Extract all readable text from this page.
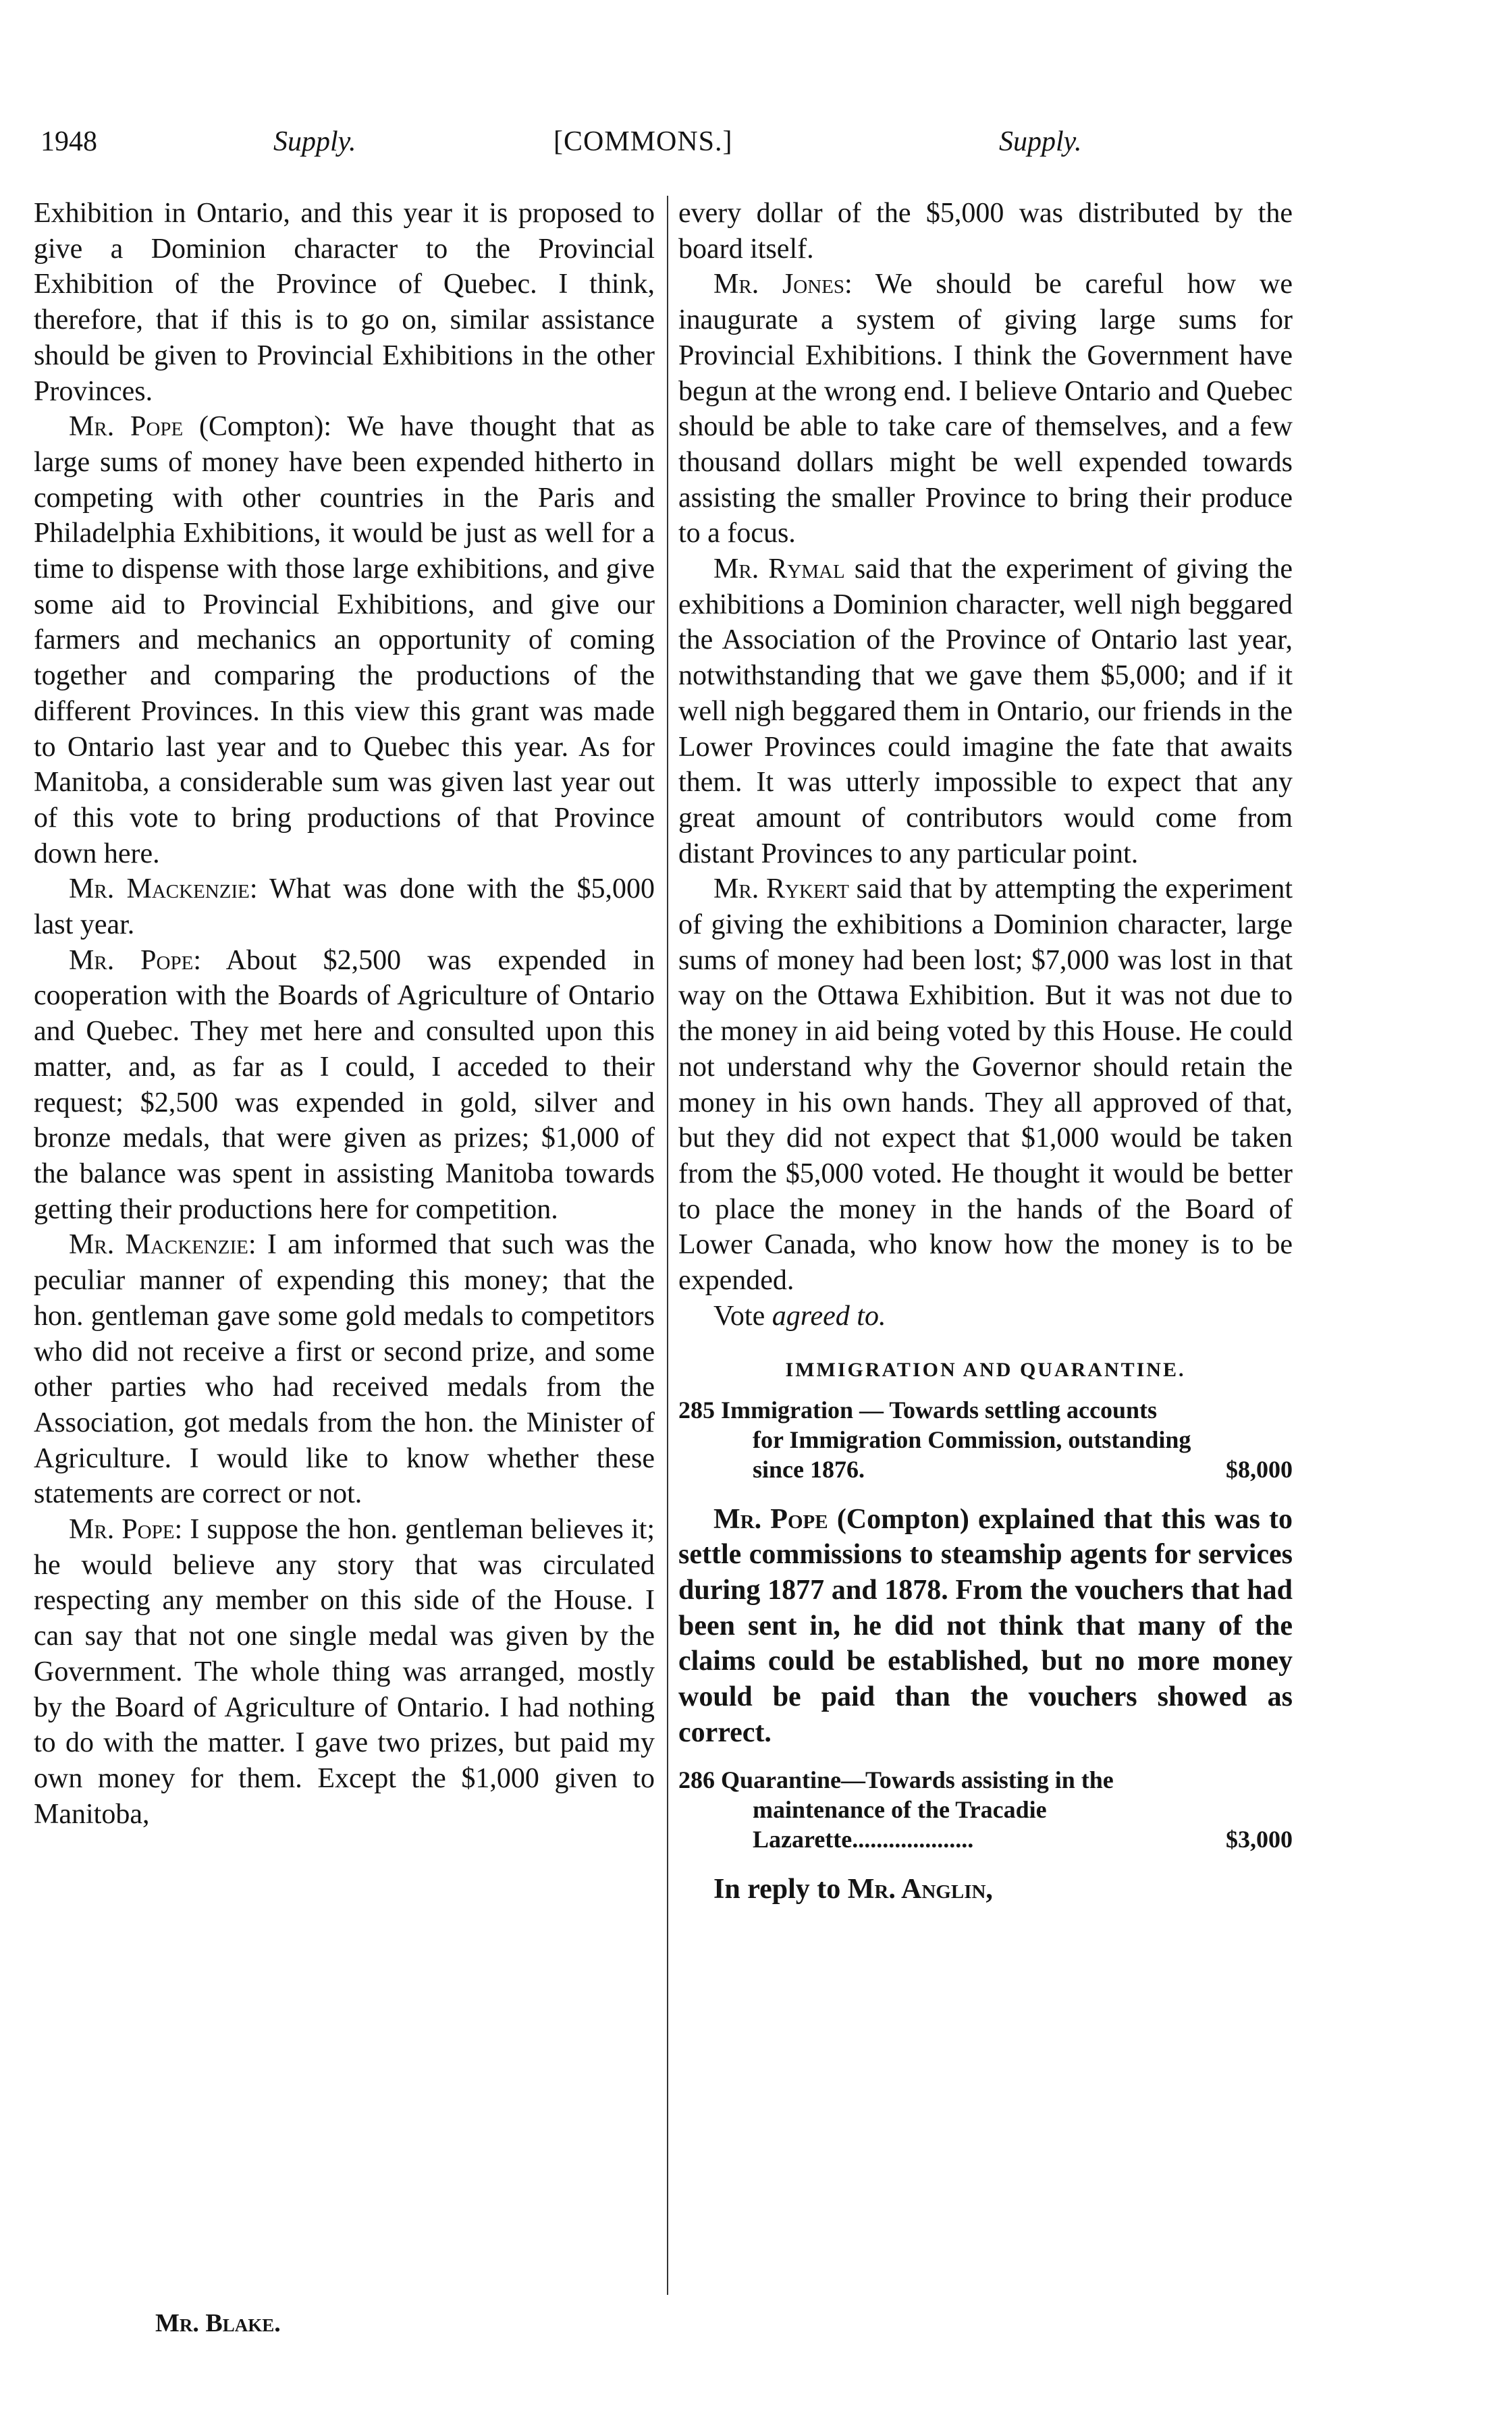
1948	Supply.	[COMMONS.]	Supply.

Exhibition in Ontario, and this year it is proposed to give a Dominion character to the Provincial Exhibition of the Province of Quebec. I think, therefore, that if this is to go on, similar assistance should be given to Provincial Exhibitions in the other Provinces.

Mr. Pope (Compton): We have thought that as large sums of money have been expended hitherto in competing with other countries in the Paris and Philadelphia Exhibitions, it would be just as well for a time to dispense with those large exhibitions, and give some aid to Provincial Exhibitions, and give our farmers and mechanics an opportunity of coming together and comparing the productions of the different Provinces. In this view this grant was made to Ontario last year and to Quebec this year. As for Manitoba, a considerable sum was given last year out of this vote to bring productions of that Province down here.

Mr. Mackenzie: What was done with the $5,000 last year.

Mr. Pope: About $2,500 was expended in cooperation with the Boards of Agriculture of Ontario and Quebec. They met here and consulted upon this matter, and, as far as I could, I acceded to their request; $2,500 was expended in gold, silver and bronze medals, that were given as prizes; $1,000 of the balance was spent in assisting Manitoba towards getting their productions here for competition.

Mr. Mackenzie: I am informed that such was the peculiar manner of expending this money; that the hon. gentleman gave some gold medals to competitors who did not receive a first or second prize, and some other parties who had received medals from the Association, got medals from the hon. the Minister of Agriculture. I would like to know whether these statements are correct or not.

Mr. Pope: I suppose the hon. gentleman believes it; he would believe any story that was circulated respecting any member on this side of the House. I can say that not one single medal was given by the Government. The whole thing was arranged, mostly by the Board of Agriculture of Ontario. I had nothing to do with the matter. I gave two prizes, but paid my own money for them. Except the $1,000 given to Manitoba,

every dollar of the $5,000 was distributed by the board itself.

Mr. Jones: We should be careful how we inaugurate a system of giving large sums for Provincial Exhibitions. I think the Government have begun at the wrong end. I believe Ontario and Quebec should be able to take care of themselves, and a few thousand dollars might be well expended towards assisting the smaller Province to bring their produce to a focus.

Mr. Rymal said that the experiment of giving the exhibitions a Dominion character, well nigh beggared the Association of the Province of Ontario last year, notwithstanding that we gave them $5,000; and if it well nigh beggared them in Ontario, our friends in the Lower Provinces could imagine the fate that awaits them. It was utterly impossible to expect that any great amount of contributors would come from distant Provinces to any particular point.

Mr. Rykert said that by attempting the experiment of giving the exhibitions a Dominion character, large sums of money had been lost; $7,000 was lost in that way on the Ottawa Exhibition. But it was not due to the money in aid being voted by this House. He could not understand why the Governor should retain the money in his own hands. They all approved of that, but they did not expect that $1,000 would be taken from the $5,000 voted. He thought it would be better to place the money in the hands of the Board of Lower Canada, who know how the money is to be expended.

Vote agreed to.

IMMIGRATION AND QUARANTINE.
285 Immigration — Towards settling accounts for Immigration Commission, outstanding since 1876.	$8,000

Mr. Pope (Compton) explained that this was to settle commissions to steamship agents for services during 1877 and 1878. From the vouchers that had been sent in, he did not think that many of the claims could be established, but no more money would be paid than the vouchers showed as correct.

286 Quarantine—Towards assisting in the maintenance of the Tracadie Lazarette....................	$3,000

In reply to Mr. Anglin,

Mr. Blake.
